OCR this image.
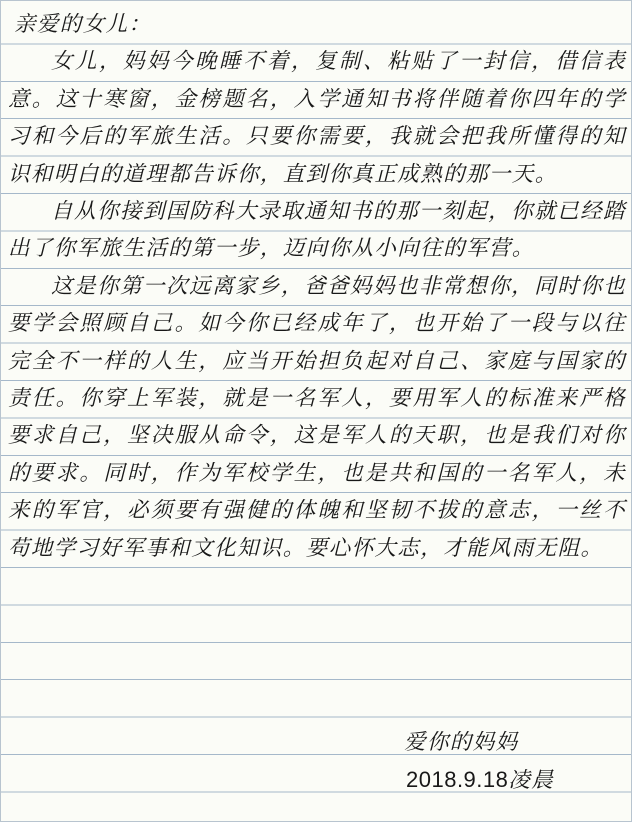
亲爱的女儿：

女儿，妈妈今晚睡不着，复制、粘贴了一封信，借信表意。这十寒窗，金榜题名，入学通知书将伴随着你四年的学习和今后的军旅生活。只要你需要，我就会把我所懂得的知识和明白的道理都告诉你，直到你真正成熟的那一天。

自从你接到国防科大录取通知书的那一刻起，你就已经踏出了你军旅生活的第一步，迈向你从小向往的军营。

这是你第一次远离家乡，爸爸妈妈也非常想你，同时你也要学会照顾自己。如今你已经成年了，也开始了一段与以往完全不一样的人生，应当开始担负起对自己、家庭与国家的责任。你穿上军装，就是一名军人，要用军人的标准来严格要求自己，坚决服从命令，这是军人的天职，也是我们对你的要求。同时，作为军校学生，也是共和国的一名军人，未来的军官，必须要有强健的体魄和坚韧不拔的意志，一丝不苟地学习好军事和文化知识。要心怀大志，才能风雨无阻。

爱你的妈妈
2018.9.18凌晨
